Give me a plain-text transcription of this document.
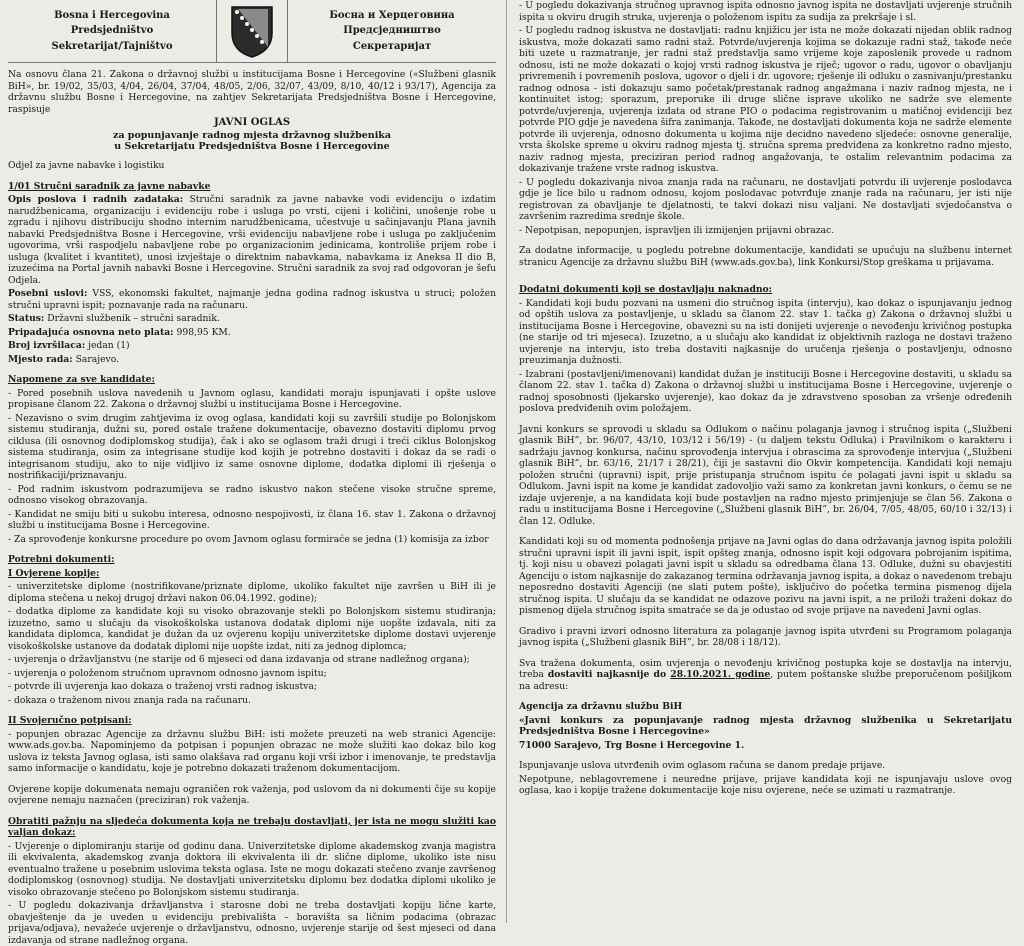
Bosna i Hercegovina
Predsjedništvo
Sekretarijat/Tajništvo
Босна и Херцеговина
Предсједништво
Секретаријат

Na osnovu člana 21. Zakona o državnoj službi u institucijama Bosne i Hercegovine («Službeni glasnik BiH», br. 19/02, 35/03, 4/04, 26/04, 37/04, 48/05, 2/06, 32/07, 43/09, 8/10, 40/12 i 93/17), Agencija za državnu službu Bosne i Hercegovine, na zahtjev Sekretarijata Predsjedništva Bosne i Hercegovine, raspisuje

JAVNI OGLAS
za popunjavanje radnog mjesta državnog službenika
u Sekretarijatu Predsjedništva Bosne i Hercegovine

Odjel za javne nabavke i logistiku

1/01 Stručni saradnik za javne nabavke

Opis poslova i radnih zadataka: Stručni saradnik za javne nabavke vodi evidenciju o izdatim narudžbenicama, organizaciju i evidenciju robe i usluga po vrsti, cijeni i količini, unošenje robe u zgradu i njihovu distribuciju shodno internim narudžbenicama, učestvuje u sačinjavanju Plana javnih nabavki Predsjedništva Bosne i Hercegovine, vrši evidenciju nabavljene robe i usluga po zaključenim ugovorima, vrši raspodjelu nabavljene robe po organizacionim jedinicama, kontroliše prijem robe i usluga (kvalitet i kvantitet), unosi izvještaje o direktnim nabavkama, nabavkama iz Aneksa II dio B, izuzećima na Portal javnih nabavki Bosne i Hercegovine. Stručni saradnik za svoj rad odgovoran je šefu Odjela.

Posebni uslovi: VSS, ekonomski fakultet, najmanje jedna godina radnog iskustva u struci; položen stručni upravni ispit; poznavanje rada na računaru.

Status: Državni službenik – stručni saradnik.

Pripadajuća osnovna neto plata: 998,95 KM.

Broj izvršilaca: jedan (1)

Mjesto rada: Sarajevo.

Napomene za sve kandidate:

- Pored posebnih uslova navedenih u Javnom oglasu, kandidati moraju ispunjavati i opšte uslove propisane članom 22. Zakona o državnoj službi u institucijama Bosne i Hercegovine.

- Nezavisno o svim drugim zahtjevima iz ovog oglasa, kandidati koji su završili studije po Bolonjskom sistemu studiranja, dužni su, pored ostale tražene dokumentacije, obavezno dostaviti diplomu prvog ciklusa (ili osnovnog dodiplomskog studija), čak i ako se oglasom traži drugi i treći ciklus Bolonjskog sistema studiranja, osim za integrisane studije kod kojih je potrebno dostaviti i dokaz da se radi o integrisanom studiju, ako to nije vidljivo iz same osnovne diplome, dodatka diplomi ili rješenja o nostrifikaciji/priznavanju.

- Pod radnim iskustvom podrazumijeva se radno iskustvo nakon stečene visoke stručne spreme, odnosno visokog obrazovanja.

- Kandidat ne smiju biti u sukobu interesa, odnosno nespojivosti, iz člana 16. stav 1. Zakona o državnoj službi u institucijama Bosne i Hercegovine.

- Za sprovođenje konkursne procedure po ovom Javnom oglasu formiraće se jedna (1) komisija za izbor

Potrebni dokumenti:

I Ovjerene kopije:

- univerzitetske diplome (nostrifikovane/priznate diplome, ukoliko fakultet nije završen u BiH ili je diploma stečena u nekoj drugoj državi nakon 06.04.1992. godine);

- dodatka diplome za kandidate koji su visoko obrazovanje stekli po Bolonjskom sistemu studiranja; izuzetno, samo u slučaju da visokoškolska ustanova dodatak diplomi nije uopšte izdavala, niti za kandidata diplomca, kandidat je dužan da uz ovjerenu kopiju univerzitetske diplome dostavi uvjerenje visokoškolske ustanove da dodatak diplomi nije uopšte izdat, niti za jednog diplomca;

- uvjerenja o državljanstvu (ne starije od 6 mjeseci od dana izdavanja od strane nadležnog organa);

- uvjerenja o položenom stručnom upravnom odnosno javnom ispitu;

- potvrde ili uvjerenja kao dokaza o traženoj vrsti radnog iskustva;

- dokaza o traženom nivou znanja rada na računaru.

II Svojeručno potpisani:

- popunjen obrazac Agencije za državnu službu BiH: isti možete preuzeti na web stranici Agencije: www.ads.gov.ba. Napominjemo da potpisan i popunjen obrazac ne može služiti kao dokaz bilo kog uslova iz teksta Javnog oglasa, isti samo olakšava rad organu koji vrši izbor i imenovanje, te predstavlja samo informacije o kandidatu, koje je potrebno dokazati traženom dokumentacijom.

Ovjerene kopije dokumenata nemaju ograničen rok važenja, pod uslovom da ni dokumenti čije su kopije ovjerene nemaju naznačen (preciziran) rok važenja.

Obratiti pažnju na sljedeća dokumenta koja ne trebaju dostavljati, jer ista ne mogu služiti kao valjan dokaz:

- Uvjerenje o diplomiranju starije od godinu dana. Univerzitetske diplome akademskog zvanja magistra ili ekvivalenta, akademskog zvanja doktora ili ekvivalenta ili dr. slične diplome, ukoliko iste nisu eventualno tražene u posebnim uslovima teksta oglasa. Iste ne mogu dokazati stečeno zvanje završenog dodiplomskog (osnovnog) studija. Ne dostavljati univerzitetsku diplomu bez dodatka diplomi ukoliko je visoko obrazovanje stečeno po Bolonjskom sistemu studiranja.

- U pogledu dokazivanja državljanstva i starosne dobi ne treba dostavljati kopiju lične karte, obavještenje da je uveden u evidenciju prebivališta – boravišta sa ličnim podacima (obrazac prijava/odjava), nevažeće uvjerenje o državljanstvu, odnosno, uvjerenje starije od šest mjeseci od dana izdavanja od strane nadležnog organa.

- U pogledu dokazivanja stručnog upravnog ispita odnosno javnog ispita ne dostavljati uvjerenje stručnih ispita u okviru drugih struka, uvjerenja o položenom ispitu za sudija za prekršaje i sl.

- U pogledu radnog iskustva ne dostavljati: radnu knjižicu jer ista ne može dokazati nijedan oblik radnog iskustva, može dokazati samo radni staž. Potvrde/uvjerenja kojima se dokazuje radni staž, takođe neće biti uzete u razmatranje, jer radni staž predstavlja samo vrijeme koje zaposlenik provede u radnom odnosu, isti ne može dokazati o kojoj vrsti radnog iskustva je riječ; ugovor o radu, ugovor o obavljanju privremenih i povremenih poslova, ugovor o djeli i dr. ugovore; rješenje ili odluku o zasnivanju/prestanku radnog odnosa - isti dokazuju samo početak/prestanak radnog angažmana i naziv radnog mjesta, ne i kontinuitet istog; sporazum, preporuke ili druge slične isprave ukoliko ne sadrže sve elemente potvrde/uvjerenja, uvjerenja izdata od strane PIO o podacima registrovanim u matičnoj evidenciji bez potvrde PIO gdje je navedena šifra zanimanja. Takođe, ne dostavljati dokumenta koja ne sadrže elemente potvrde ili uvjerenja, odnosno dokumenta u kojima nije decidno navedeno sljedeće: osnovne generalije, vrsta školske spreme u okviru radnog mjesta tj. stručna sprema predviđena za konkretno radno mjesto, naziv radnog mjesta, preciziran period radnog angažovanja, te ostalim relevantnim podacima za dokazivanje tražene vrste radnog iskustva.

- U pogledu dokazivanja nivoa znanja rada na računaru, ne dostavljati potvrdu ili uvjerenje poslodavca gdje je lice bilo u radnom odnosu, kojom poslodavac potvrđuje znanje rada na računaru, jer isti nije registrovan za obavljanje te djelatnosti, te takvi dokazi nisu valjani. Ne dostavljati svjedočanstva o završenim razredima srednje škole.

- Nepotpisan, nepopunjen, ispravljen ili izmijenjen prijavni obrazac.

Za dodatne informacije, u pogledu potrebne dokumentacije, kandidati se upućuju na službenu internet stranicu Agencije za državnu službu BiH (www.ads.gov.ba), link Konkursi/Stop greškama u prijavama.

Dodatni dokumenti koji se dostavljaju naknadno:

- Kandidati koji budu pozvani na usmeni dio stručnog ispita (intervju), kao dokaz o ispunjavanju jednog od opštih uslova za postavljenje, u skladu sa članom 22. stav 1. tačka g) Zakona o državnoj službi u institucijama Bosne i Hercegovine, obavezni su na isti donijeti uvjerenje o nevođenju krivičnog postupka (ne starije od tri mjeseca). Izuzetno, a u slučaju ako kandidat iz objektivnih razloga ne dostavi traženo uvjerenje na intervju, isto treba dostaviti najkasnije do uručenja rješenja o postavljenju, odnosno preuzimanja dužnosti.

- Izabrani (postavljeni/imenovani) kandidat dužan je instituciji Bosne i Hercegovine dostaviti, u skladu sa članom 22. stav 1. tačka d) Zakona o državnoj službi u institucijama Bosne i Hercegovine, uvjerenje o radnoj sposobnosti (ljekarsko uvjerenje), kao dokaz da je zdravstveno sposoban za vršenje određenih poslova predviđenih ovim položajem.

Javni konkurs se sprovodi u skladu sa Odlukom o načinu polaganja javnog i stručnog ispita („Službeni glasnik BiH”, br. 96/07, 43/10, 103/12 i 56/19) - (u daljem tekstu Odluka) i Pravilnikom o karakteru i sadržaju javnog konkursa, načinu sprovođenja intervjua i obrascima za sprovođenje intervjua („Službeni glasnik BiH”, br. 63/16, 21/17 i 28/21), čiji je sastavni dio Okvir kompetencija. Kandidati koji nemaju položen stručni (upravni) ispit, prije pristupanja stručnom ispitu će polagati javni ispit u skladu sa Odlukom. Javni ispit na kome je kandidat zadovoljio važi samo za konkretan javni konkurs, o čemu se ne izdaje uvjerenje, a na kandidata koji bude postavljen na radno mjesto primjenjuje se član 56. Zakona o radu u institucijama Bosne i Hercegovine („Službeni glasnik BiH”, br. 26/04, 7/05, 48/05, 60/10 i 32/13) i član 12. Odluke.

Kandidati koji su od momenta podnošenja prijave na Javni oglas do dana održavanja javnog ispita položili stručni upravni ispit ili javni ispit, ispit opšteg znanja, odnosno ispit koji odgovara pobrojanim ispitima, tj. koji nisu u obavezi polagati javni ispit u skladu sa odredbama člana 13. Odluke, dužni su obavjestiti Agenciju o istom najkasnije do zakazanog termina održavanja javnog ispita, a dokaz o navedenom trebaju neposredno dostaviti Agenciji (ne slati putem pošte), isključivo do početka termina pismenog dijela stručnog ispita. U slučaju da se kandidat ne odazove pozivu na javni ispit, a ne priloži traženi dokaz do pismenog dijela stručnog ispita smatraće se da je odustao od svoje prijave na navedeni Javni oglas.

Gradivo i pravni izvori odnosno literatura za polaganje javnog ispita utvrđeni su Programom polaganja javnog ispita („Službeni glasnik BiH”, br. 28/08 i 18/12).

Sva tražena dokumenta, osim uvjerenja o nevođenju krivičnog postupka koje se dostavlja na intervju, treba dostaviti najkasnije do 28.10.2021. godine, putem poštanske službe preporučenom pošiljkom na adresu:

Agencija za državnu službu BiH

«Javni konkurs za popunjavanje radnog mjesta državnog službenika u Sekretarijatu Predsjedništva Bosne i Hercegovine»

71000 Sarajevo, Trg Bosne i Hercegovine 1.

Ispunjavanje uslova utvrđenih ovim oglasom računa se danom predaje prijave.

Nepotpune, neblagovremene i neuredne prijave, prijave kandidata koji ne ispunjavaju uslove ovog oglasa, kao i kopije tražene dokumentacije koje nisu ovjerene, neće se uzimati u razmatranje.
